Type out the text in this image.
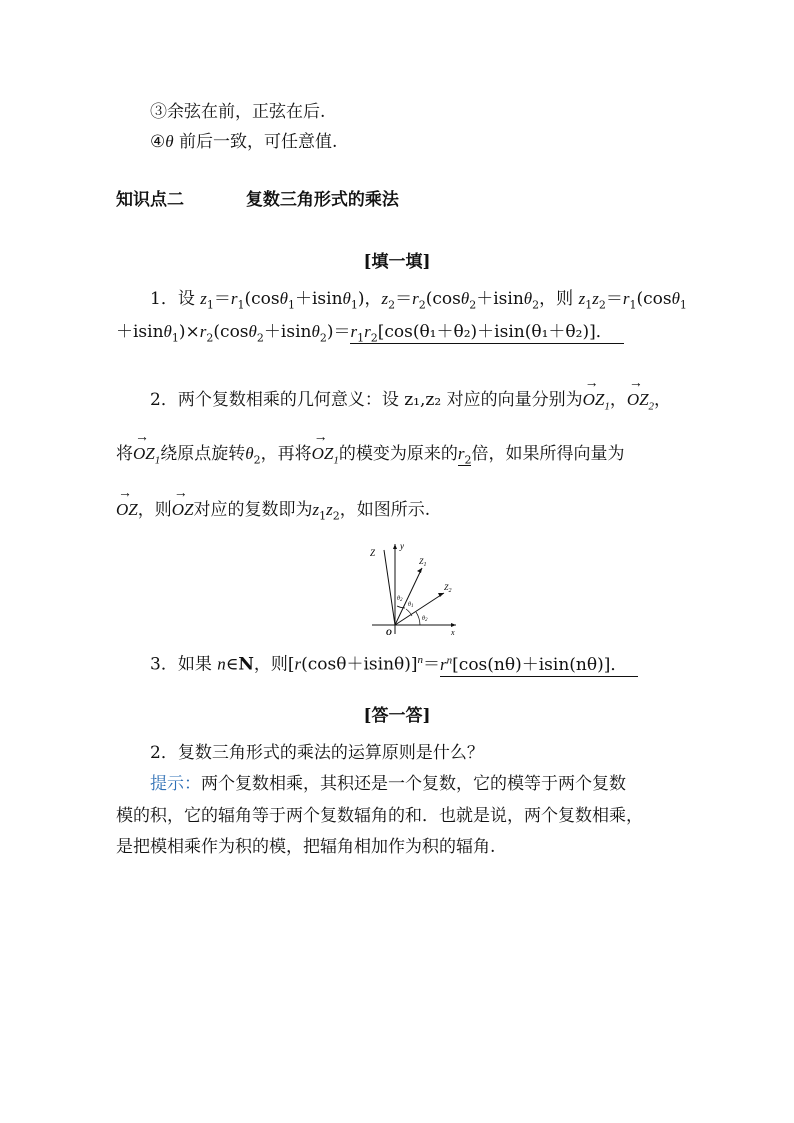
③余弦在前，正弦在后.
④θ 前后一致，可任意值.
知识点二	复数三角形式的乘法
[填一填]
1．设 $z_1=r_1(\cos\theta_1+isin\theta_1)$，$z_2=r_2(\cos\theta_2+isin\theta_2$，则 $z_1z_2=r_1(\cos\theta_1$
$+isin\theta_1)\times r_2(\cos\theta_2+isin\theta_2)=r_1r_2[\cos(\theta_1+\theta_2)+isin(\theta_1+\theta_2)]$．
2．两个复数相乘的几何意义：设 z₁,z₂ 对应的向量分别为→ $OZ_1$，→ $OZ_2$，
将→ $OZ_1$绕原点旋转$\theta_2$，再将→ $OZ_1$的模变为原来的$r_2$倍，如果所得向量为
→ OZ，则→ OZ对应的复数即为$z_1z_2$，如图所示.
Z
y
$Z_1$
$Z_2$
θ2
θ1
θ2
O	x
3．如果 n∈N，则$[r(\cos\theta+isin\theta)]^n=r^n[\cos(n\theta)+isin(n\theta)]$．
[答一答]
2．复数三角形式的乘法的运算原则是什么？
提示：两个复数相乘，其积还是一个复数，它的模等于两个复数
模的积，它的辐角等于两个复数辐角的和．也就是说，两个复数相乘，
是把模相乘作为积的模，把辐角相加作为积的辐角.
